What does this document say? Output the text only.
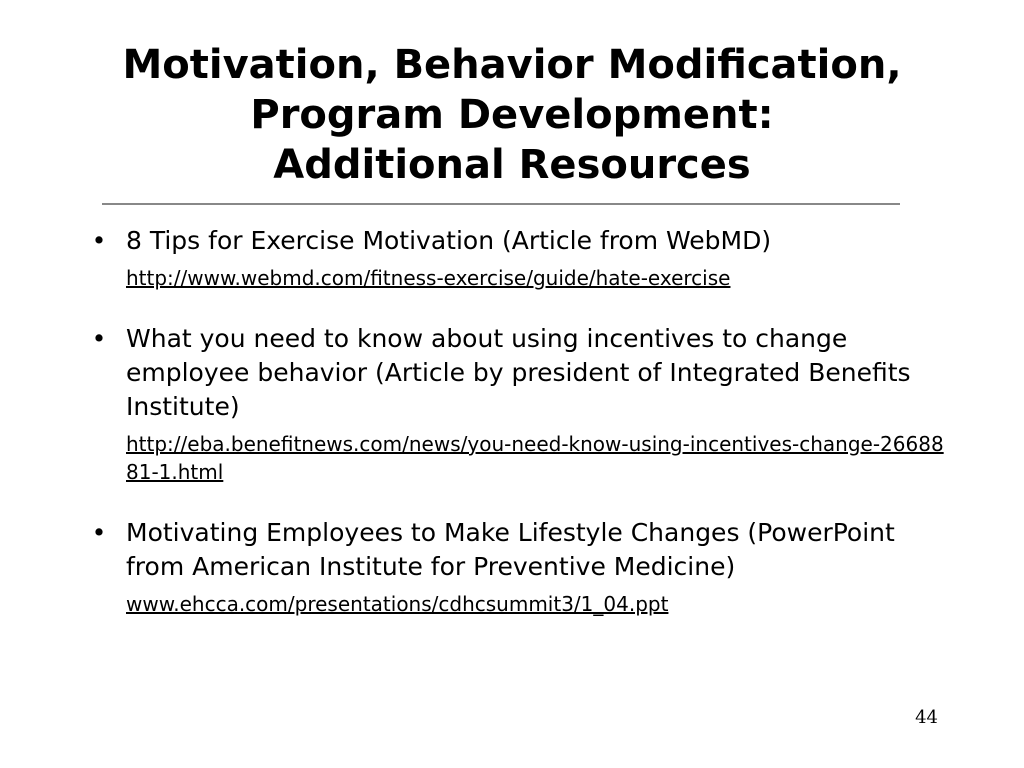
Motivation, Behavior Modification,
Program Development:
Additional Resources
• 8 Tips for Exercise Motivation (Article from WebMD)

http://www.webmd.com/fitness-exercise/guide/hate-exercise
• What you need to know about using incentives to change employee behavior (Article by president of Integrated Benefits Institute)

http://eba.benefitnews.com/news/you-need-know-using-incentives-change-2668881-1.html
• Motivating Employees to Make Lifestyle Changes (PowerPoint from American Institute for Preventive Medicine)

www.ehcca.com/presentations/cdhcsummit3/1_04.ppt
44
